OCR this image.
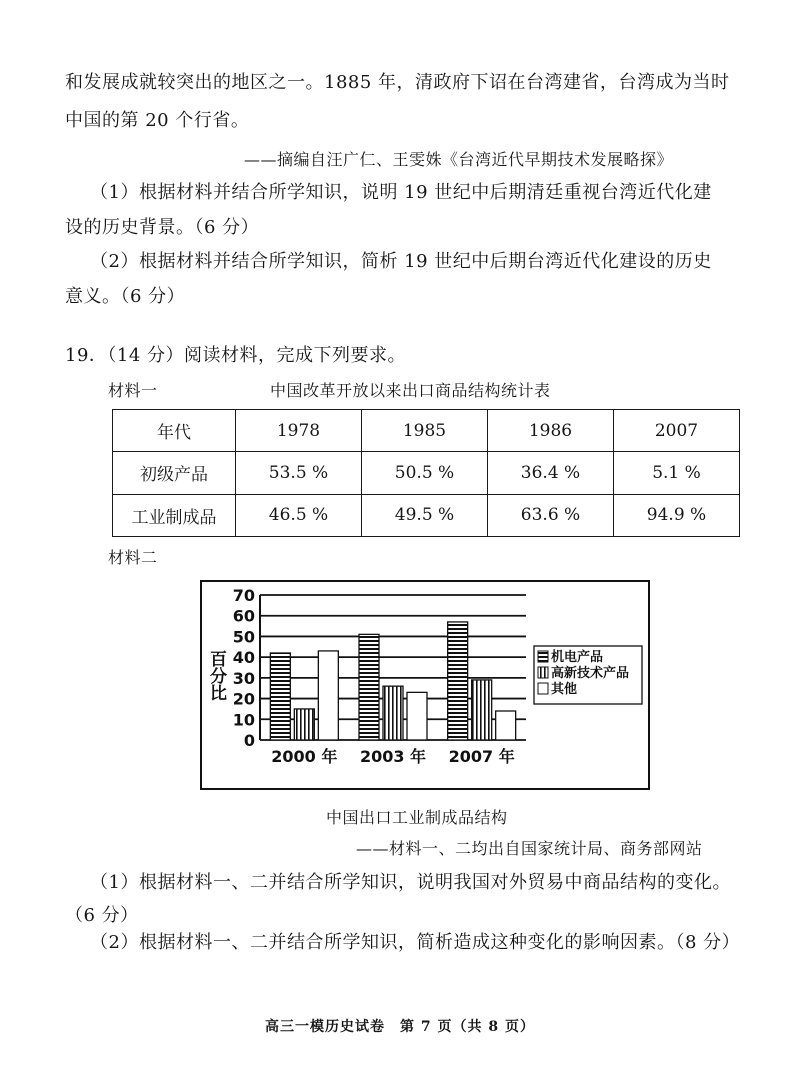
和发展成就较突出的地区之一。1885 年，清政府下诏在台湾建省，台湾成为当时
中国的第 20 个行省。
——摘编自汪广仁、王雯姝《台湾近代早期技术发展略探》
（1）根据材料并结合所学知识，说明 19 世纪中后期清廷重视台湾近代化建
设的历史背景。（6 分）
（2）根据材料并结合所学知识，简析 19 世纪中后期台湾近代化建设的历史
意义。（6 分）
19．（14 分）阅读材料，完成下列要求。
材料一	中国改革开放以来出口商品结构统计表
年代	1978	1985	1986	2007
初级产品	53.5 %	50.5 %	36.4 %	5.1 %
工业制成品	46.5 %	49.5 %	63.6 %	94.9 %
材料二
百分比
0
10
20
30
40
50
60
70
2000 年 2003 年 2007 年
机电产品
高新技术产品
其他
中国出口工业制成品结构
——材料一、二均出自国家统计局、商务部网站
（1）根据材料一、二并结合所学知识，说明我国对外贸易中商品结构的变化。
（6 分）
（2）根据材料一、二并结合所学知识，简析造成这种变化的影响因素。（8 分）
高三一模历史试卷　第 7 页（共 8 页）
